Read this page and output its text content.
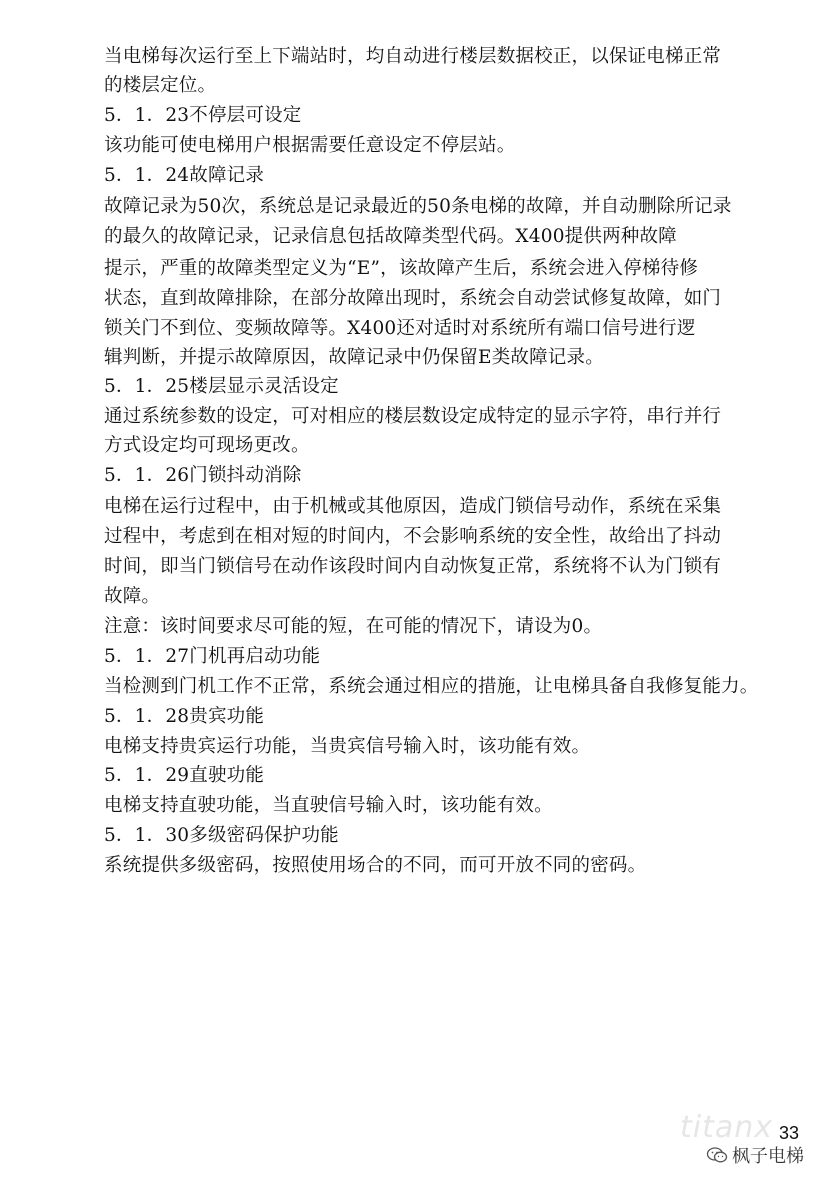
当电梯每次运行至上下端站时，均自动进行楼层数据校正，以保证电梯正常
的楼层定位。
5．1．23不停层可设定
该功能可使电梯用户根据需要任意设定不停层站。
5．1．24故障记录
故障记录为50次，系统总是记录最近的50条电梯的故障，并自动删除所记录
的最久的故障记录，记录信息包括故障类型代码。X400提供两种故障
提示，严重的故障类型定义为“E”，该故障产生后，系统会进入停梯待修
状态，直到故障排除，在部分故障出现时，系统会自动尝试修复故障，如门
锁关门不到位、变频故障等。X400还对适时对系统所有端口信号进行逻
辑判断，并提示故障原因，故障记录中仍保留E类故障记录。
5．1．25楼层显示灵活设定
通过系统参数的设定，可对相应的楼层数设定成特定的显示字符，串行并行
方式设定均可现场更改。
5．1．26门锁抖动消除
电梯在运行过程中，由于机械或其他原因，造成门锁信号动作，系统在采集
过程中，考虑到在相对短的时间内，不会影响系统的安全性，故给出了抖动
时间，即当门锁信号在动作该段时间内自动恢复正常，系统将不认为门锁有
故障。
注意：该时间要求尽可能的短，在可能的情况下，请设为0。
5．1．27门机再启动功能
当检测到门机工作不正常，系统会通过相应的措施，让电梯具备自我修复能力。
5．1．28贵宾功能
电梯支持贵宾运行功能，当贵宾信号输入时，该功能有效。
5．1．29直驶功能
电梯支持直驶功能，当直驶信号输入时，该功能有效。
5．1．30多级密码保护功能
系统提供多级密码，按照使用场合的不同，而可开放不同的密码。
titanx 33
枫子电梯
